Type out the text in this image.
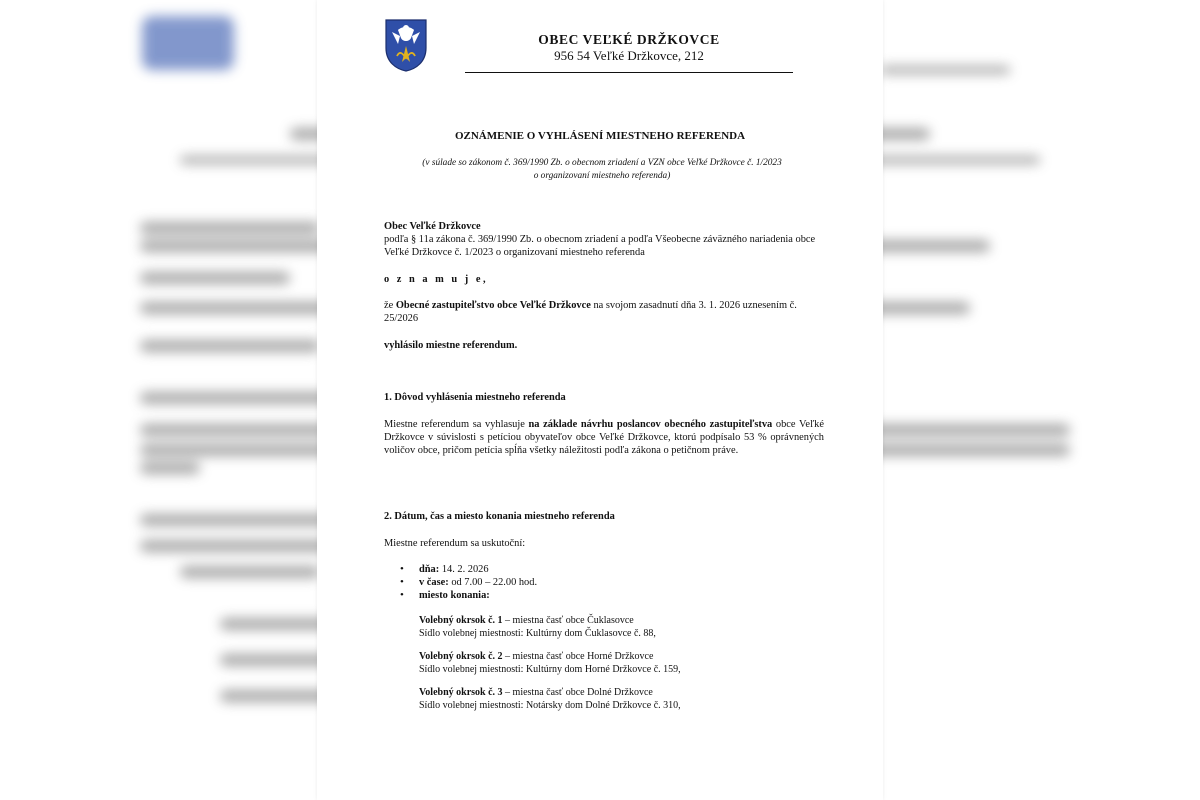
OBEC VEĽKÉ DRŽKOVCE
956 54 Veľké Držkovce, 212
OZNÁMENIE O VYHLÁSENÍ MIESTNEHO REFERENDA
(v súlade so zákonom č. 369/1990 Zb. o obecnom zriadení a VZN obce Veľké Držkovce č. 1/2023
o organizovaní miestneho referenda)

Obec Veľké Držkovce

podľa § 11a zákona č. 369/1990 Zb. o obecnom zriadení a podľa Všeobecne záväzného nariadenia obce Veľké Držkovce č. 1/2023 o organizovaní miestneho referenda

o z n a m u j e,

že Obecné zastupiteľstvo obce Veľké Držkovce na svojom zasadnutí dňa 3. 1. 2026 uznesením č. 25/2026

vyhlásilo miestne referendum.

1. Dôvod vyhlásenia miestneho referenda

Miestne referendum sa vyhlasuje na základe návrhu poslancov obecného zastupiteľstva obce Veľké Držkovce v súvislosti s petíciou obyvateľov obce Veľké Držkovce, ktorú podpísalo 53 % oprávnených voličov obce, pričom petícia spĺňa všetky náležitosti podľa zákona o petičnom práve.

2. Dátum, čas a miesto konania miestneho referenda

Miestne referendum sa uskutoční:

• dňa: 14. 2. 2026
• v čase: od 7.00 – 22.00 hod.
• miesto konania:
Volebný okrsok č. 1 – miestna časť obce Čuklasovce
Sídlo volebnej miestnosti: Kultúrny dom Čuklasovce č. 88,
Volebný okrsok č. 2 – miestna časť obce Horné Držkovce
Sídlo volebnej miestnosti: Kultúrny dom Horné Držkovce č. 159,
Volebný okrsok č. 3 – miestna časť obce Dolné Držkovce
Sídlo volebnej miestnosti: Notársky dom Dolné Držkovce č. 310,
